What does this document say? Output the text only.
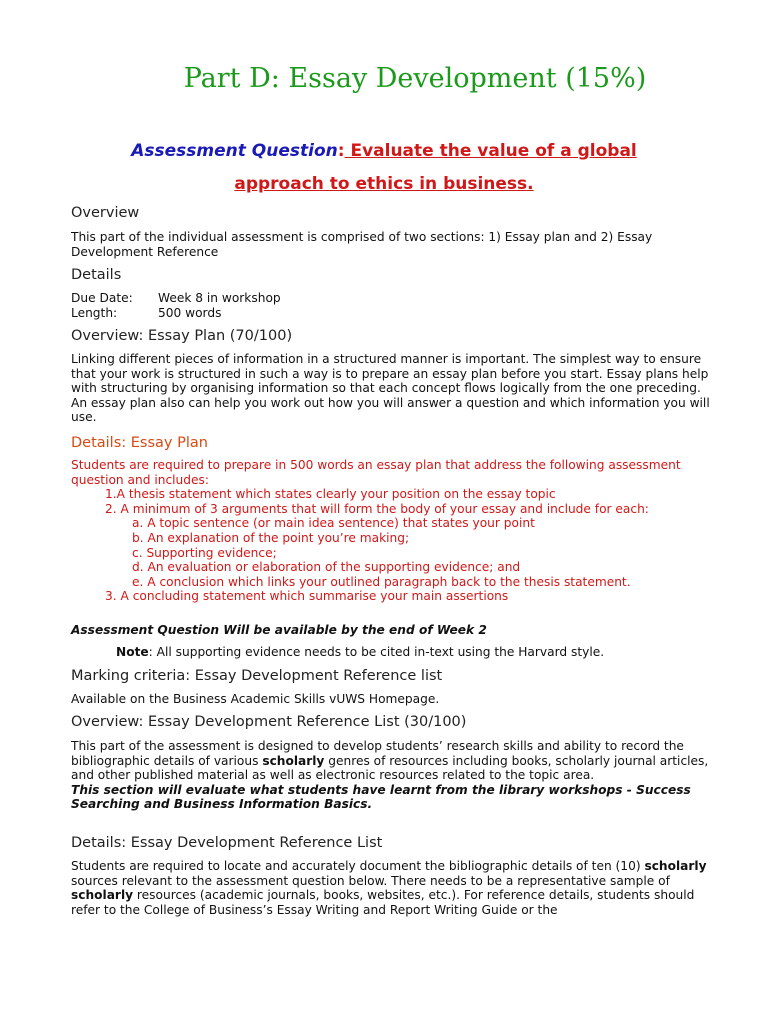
Part D: Essay Development (15%)
Assessment Question: Evaluate the value of a global
approach to ethics in business.
Overview
This part of the individual assessment is comprised of two sections: 1) Essay plan and 2) Essay Development Reference
Details
Due Date:	Week 8 in workshop
Length:	500 words
Overview: Essay Plan (70/100)
Linking different pieces of information in a structured manner is important. The simplest way to ensure that your work is structured in such a way is to prepare an essay plan before you start. Essay plans help with structuring by organising information so that each concept flows logically from the one preceding. An essay plan also can help you work out how you will answer a question and which information you will use.
Details: Essay Plan
Students are required to prepare in 500 words an essay plan that address the following assessment question and includes:
1.A thesis statement which states clearly your position on the essay topic
2. A minimum of 3 arguments that will form the body of your essay and include for each:
a. A topic sentence (or main idea sentence) that states your point
b. An explanation of the point you’re making;
c. Supporting evidence;
d. An evaluation or elaboration of the supporting evidence; and
e. A conclusion which links your outlined paragraph back to the thesis statement.
3. A concluding statement which summarise your main assertions
Assessment Question Will be available by the end of Week 2
Note: All supporting evidence needs to be cited in-text using the Harvard style.
Marking criteria: Essay Development Reference list
Available on the Business Academic Skills vUWS Homepage.
Overview: Essay Development Reference List (30/100)
This part of the assessment is designed to develop students’ research skills and ability to record the bibliographic details of various scholarly genres of resources including books, scholarly journal articles, and other published material as well as electronic resources related to the topic area.
This section will evaluate what students have learnt from the library workshops - Success Searching and Business Information Basics.
Details: Essay Development Reference List
Students are required to locate and accurately document the bibliographic details of ten (10) scholarly sources relevant to the assessment question below. There needs to be a representative sample of scholarly resources (academic journals, books, websites, etc.). For reference details, students should refer to the College of Business’s Essay Writing and Report Writing Guide or the
